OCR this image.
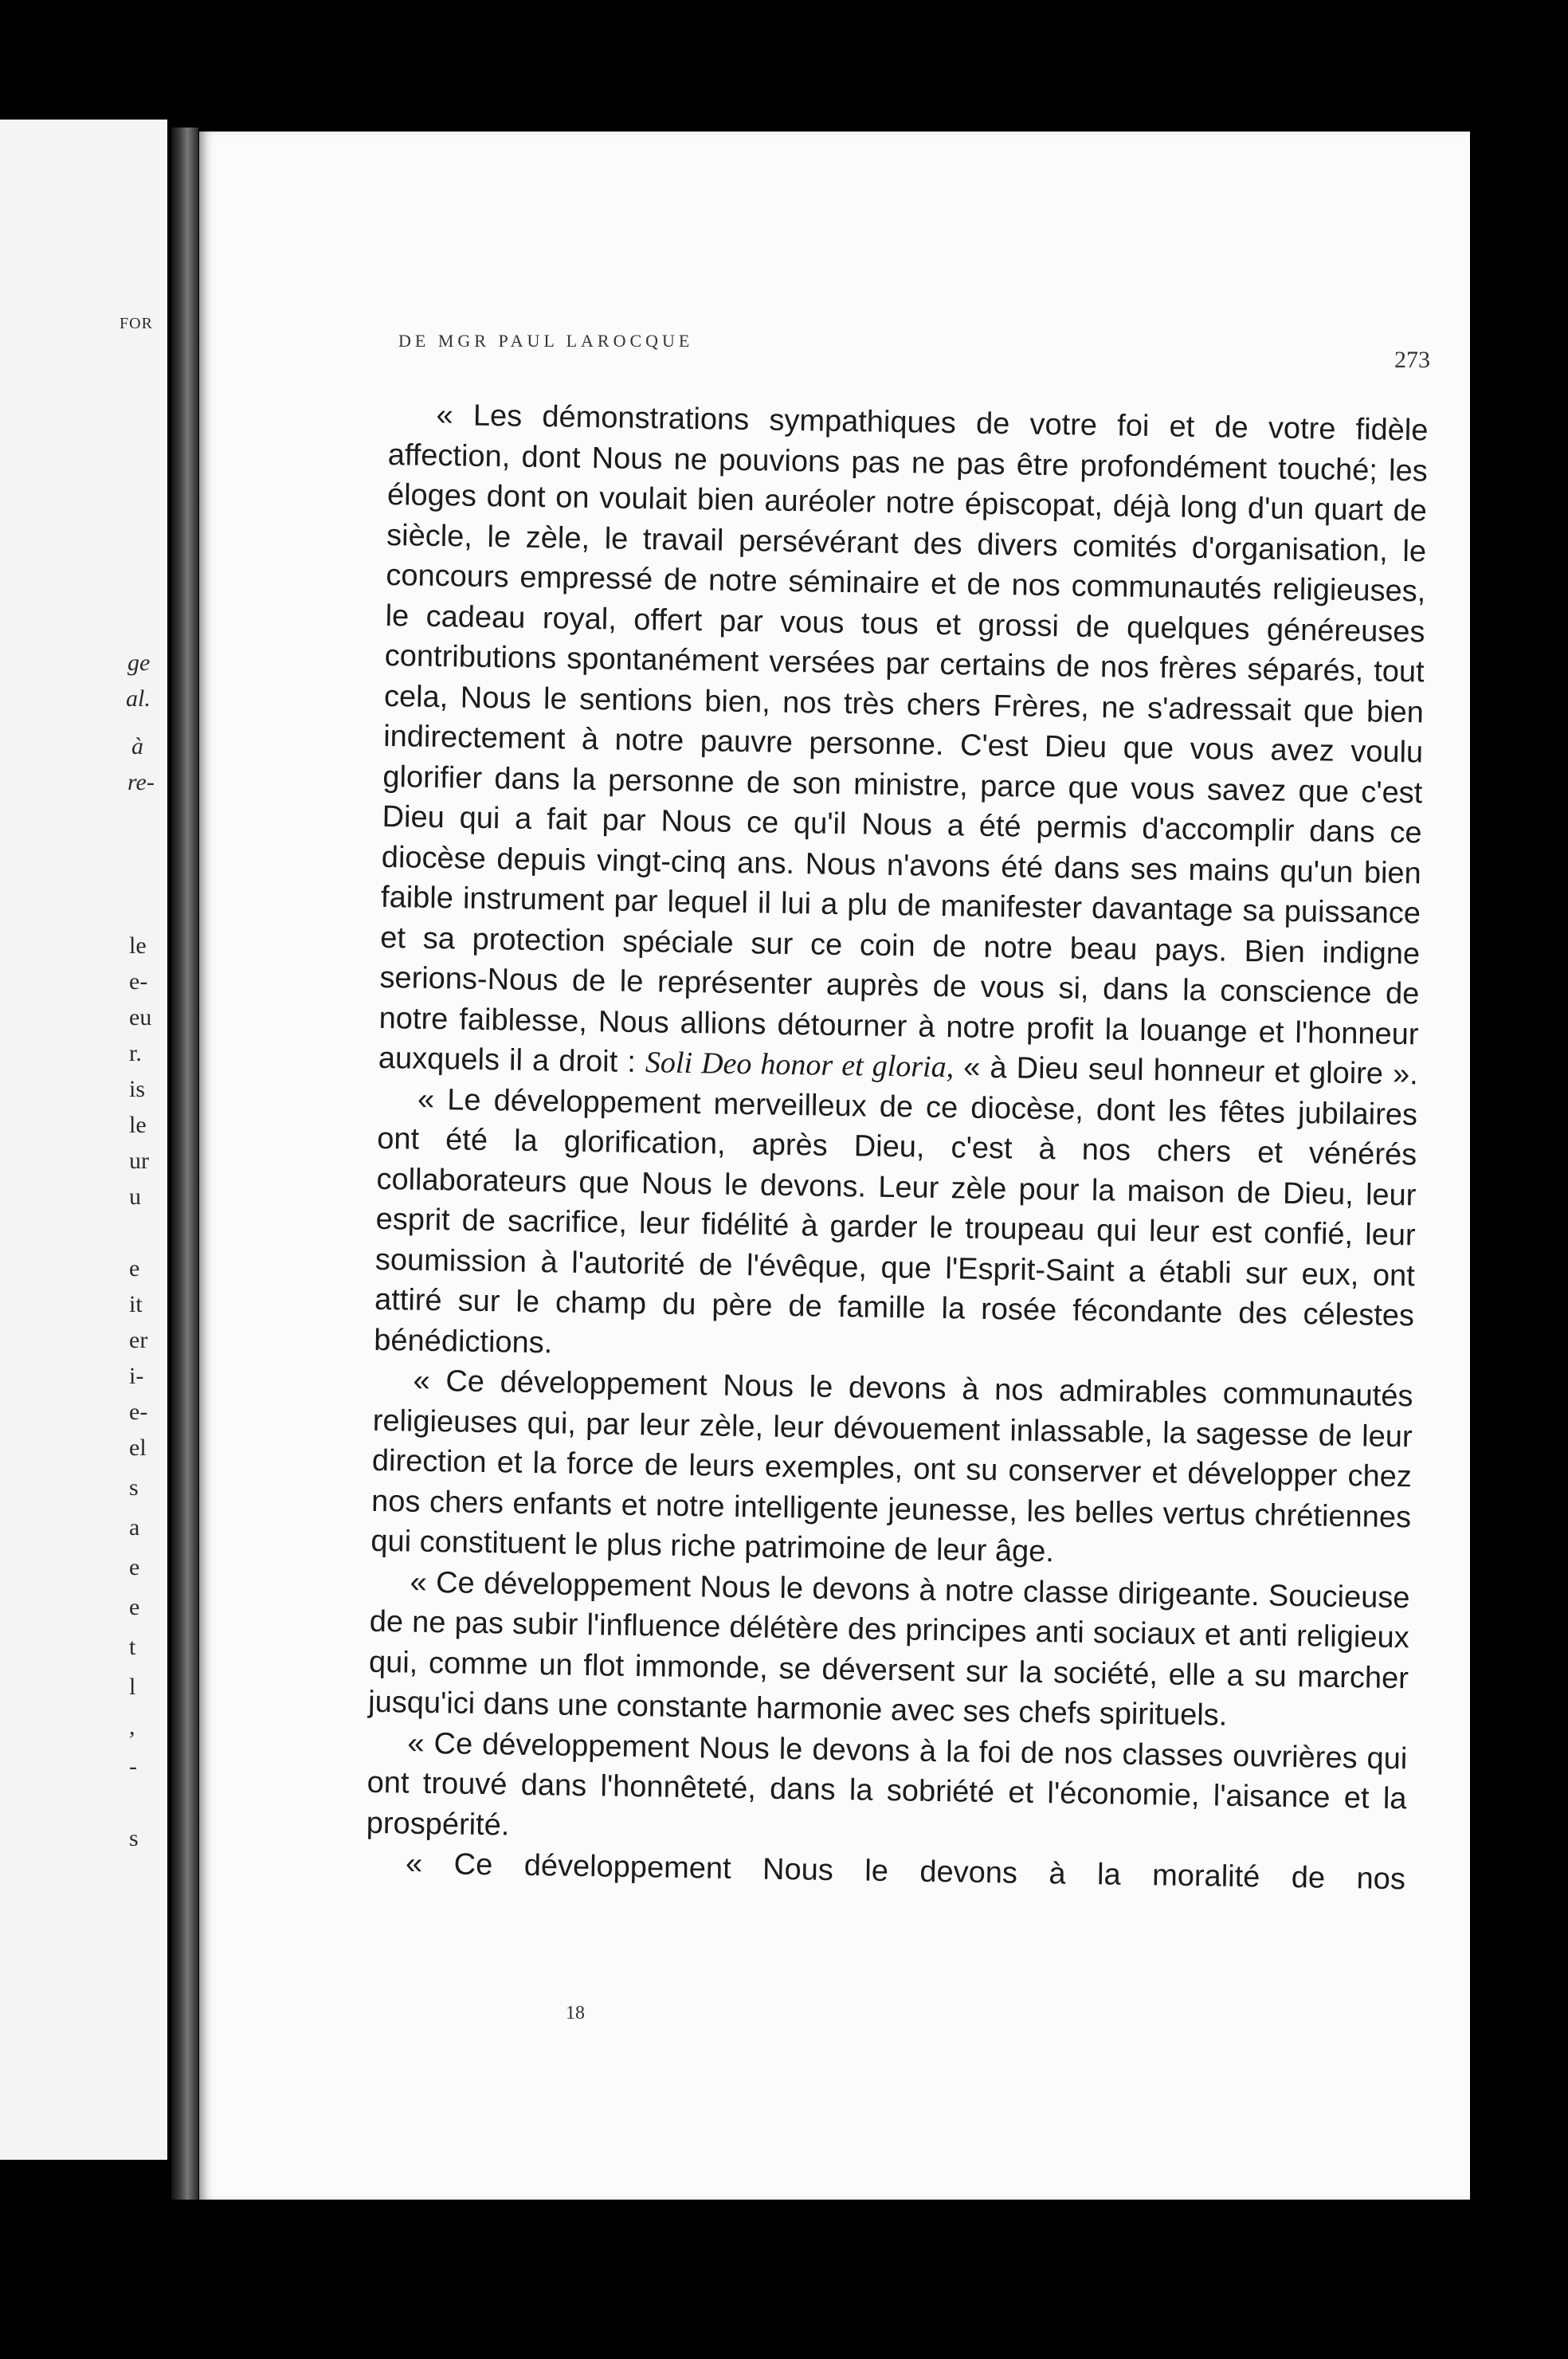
FOR
ge
al.
à
re-
le
e-
eu
r.
is
le
ur
u
e
it
er
i-
e-
el
s
a
e
e
t
l
,
-
s
DE MGR PAUL LAROCQUE
273

« Les démonstrations sympathiques de votre foi et de votre fidèle affection, dont Nous ne pouvions pas ne pas être profondément touché; les éloges dont on voulait bien auréoler notre épiscopat, déjà long d'un quart de siècle, le zèle, le travail persévérant des divers comités d'organisation, le concours empressé de notre séminaire et de nos communautés religieuses, le cadeau royal, offert par vous tous et grossi de quelques généreuses contributions spontanément versées par certains de nos frères séparés, tout cela, Nous le sentions bien, nos très chers Frères, ne s'adressait que bien indirectement à notre pauvre personne. C'est Dieu que vous avez voulu glorifier dans la personne de son ministre, parce que vous savez que c'est Dieu qui a fait par Nous ce qu'il Nous a été permis d'accomplir dans ce diocèse depuis vingt-cinq ans. Nous n'avons été dans ses mains qu'un bien faible instrument par lequel il lui a plu de manifester davantage sa puissance et sa protection spéciale sur ce coin de notre beau pays. Bien indigne serions-Nous de le représenter auprès de vous si, dans la conscience de notre faiblesse, Nous allions détourner à notre profit la louange et l'honneur auxquels il a droit : Soli Deo honor et gloria, « à Dieu seul honneur et gloire ».

« Le développement merveilleux de ce diocèse, dont les fêtes jubilaires ont été la glorification, après Dieu, c'est à nos chers et vénérés collaborateurs que Nous le devons. Leur zèle pour la maison de Dieu, leur esprit de sacrifice, leur fidélité à garder le troupeau qui leur est confié, leur soumission à l'autorité de l'évêque, que l'Esprit-Saint a établi sur eux, ont attiré sur le champ du père de famille la rosée fécondante des célestes bénédictions.

« Ce développement Nous le devons à nos admirables communautés religieuses qui, par leur zèle, leur dévouement inlassable, la sagesse de leur direction et la force de leurs exemples, ont su conserver et développer chez nos chers enfants et notre intelligente jeunesse, les belles vertus chrétiennes qui constituent le plus riche patrimoine de leur âge.

« Ce développement Nous le devons à notre classe dirigeante. Soucieuse de ne pas subir l'influence délétère des principes anti sociaux et anti religieux qui, comme un flot immonde, se déversent sur la société, elle a su marcher jusqu'ici dans une constante harmonie avec ses chefs spirituels.

« Ce développement Nous le devons à la foi de nos classes ouvrières qui ont trouvé dans l'honnêteté, dans la sobriété et l'économie, l'aisance et la prospérité.

« Ce développement Nous le devons à la moralité de nos

18
